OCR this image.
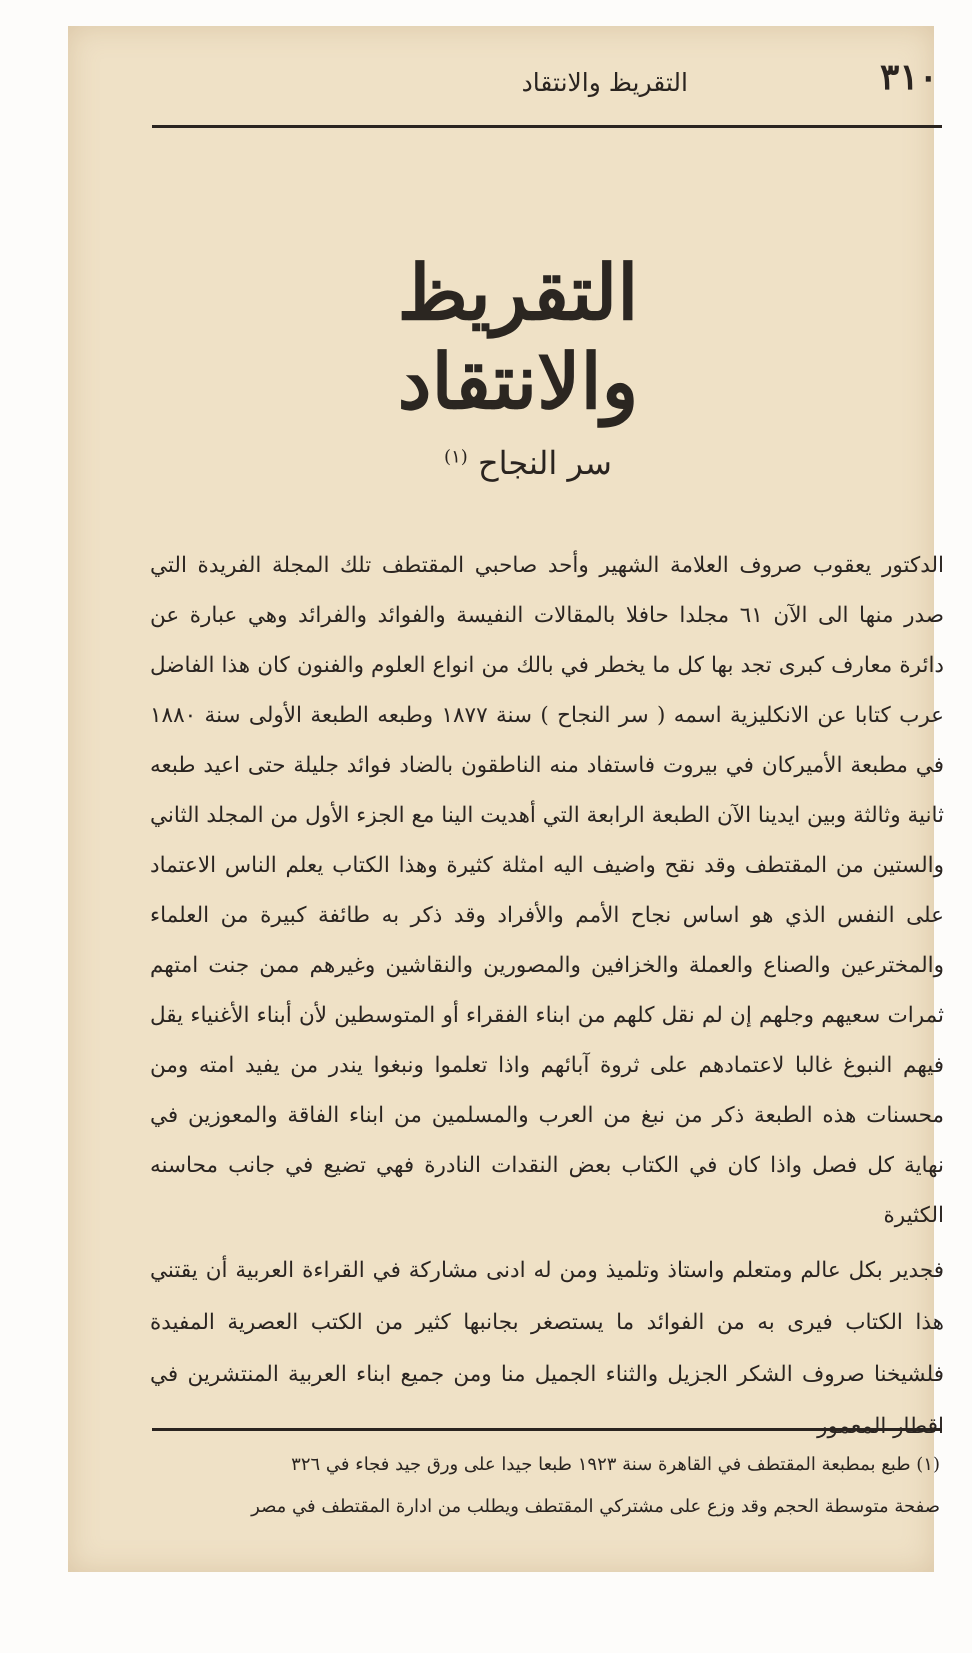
٣١٠
التقريظ والانتقاد
التقريظ والانتقاد
سر النجاح $^{(١)}$

الدكتور يعقوب صروف العلامة الشهير وأحد صاحبي المقتطف تلك المجلة الفريدة التي صدر منها الى الآن ٦١ مجلدا حافلا بالمقالات النفيسة والفوائد والفرائد وهي عبارة عن دائرة معارف كبرى تجد بها كل ما يخطر في بالك من انواع العلوم والفنون كان هذا الفاضل عرب كتابا عن الانكليزية اسمه ( سر النجاح ) سنة ١٨٧٧ وطبعه الطبعة الأولى سنة ١٨٨٠ في مطبعة الأميركان في بيروت فاستفاد منه الناطقون بالضاد فوائد جليلة حتى اعيد طبعه ثانية وثالثة وبين ايدينا الآن الطبعة الرابعة التي أهديت الينا مع الجزء الأول من المجلد الثاني والستين من المقتطف وقد نقح واضيف اليه امثلة كثيرة وهذا الكتاب يعلم الناس الاعتماد على النفس الذي هو اساس نجاح الأمم والأفراد وقد ذكر به طائفة كبيرة من العلماء والمخترعين والصناع والعملة والخزافين والمصورين والنقاشين وغيرهم ممن جنت امتهم ثمرات سعيهم وجلهم إن لم نقل كلهم من ابناء الفقراء أو المتوسطين لأن أبناء الأغنياء يقل فيهم النبوغ غالبا لاعتمادهم على ثروة آبائهم واذا تعلموا ونبغوا يندر من يفيد امته ومن محسنات هذه الطبعة ذكر من نبغ من العرب والمسلمين من ابناء الفاقة والمعوزين في نهاية كل فصل واذا كان في الكتاب بعض النقدات النادرة فهي تضيع في جانب محاسنه الكثيرة

فجدير بكل عالم ومتعلم واستاذ وتلميذ ومن له ادنى مشاركة في القراءة العربية أن يقتني هذا الكتاب فيرى به من الفوائد ما يستصغر بجانبها كثير من الكتب العصرية المفيدة فلشيخنا صروف الشكر الجزيل والثناء الجميل منا ومن جميع ابناء العربية المنتشرين في اقطار المعمور

(١) طبع بمطبعة المقتطف في القاهرة سنة ١٩٢٣ طبعا جيدا على ورق جيد فجاء في ٣٢٦

صفحة متوسطة الحجم وقد وزع على مشتركي المقتطف ويطلب من ادارة المقتطف في مصر
